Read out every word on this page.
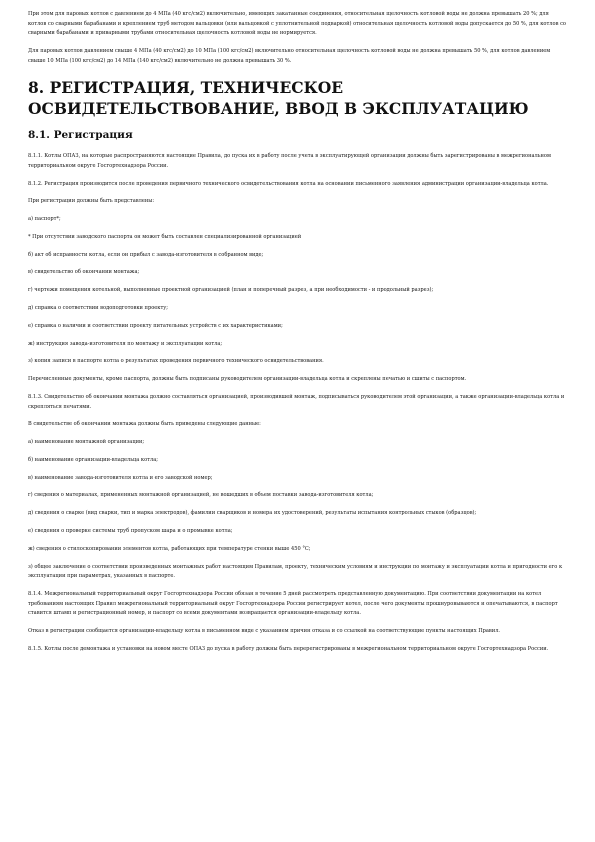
При этом для паровых котлов с давлением до 4 МПа (40 кгс/см2) включительно, имеющих закатанные соединения, относительная щелочность котловой воды не должна превышать 20 %; для котлов со сварными барабанами и креплением труб методом вальцовки (или вальцовкой с уплотнительной подваркой) относительная щелочность котловой воды допускается до 50 %, для котлов со сварными барабанами и приварными трубами относительная щелочность котловой воды не нормируется.

Для паровых котлов давлением свыше 4 МПа (40 кгс/см2) до 10 МПа (100 кгс/см2) включительно относительная щелочность котловой воды не должна превышать 50 %, для котлов давлением свыше 10 МПа (100 кгс/см2) до 14 МПа (140 кгс/см2) включительно не должна превышать 30 %.

8. РЕГИСТРАЦИЯ, ТЕХНИЧЕСКОЕ ОСВИДЕТЕЛЬСТВОВАНИЕ, ВВОД В ЭКСПЛУАТАЦИЮ
8.1. Регистрация

8.1.1. Котлы ОПАЗ, на которые распространяются настоящие Правила, до пуска их в работу после учета в эксплуатирующей организации должны быть зарегистрированы в межрегиональном территориальном округе Госгортехнадзора России.

8.1.2. Регистрация производится после проведения первичного технического освидетельствования котла на основании письменного заявления администрации организации-владельца котла.

При регистрации должны быть представлены:

а) паспорт*;

* При отсутствии заводского паспорта он может быть составлен специализированной организацией

б) акт об исправности котла, если он прибыл с завода-изготовителя в собранном виде;

в) свидетельство об окончании монтажа;

г) чертежи помещения котельной, выполненные проектной организацией (план и поперечный разрез, а при необходимости - и продольный разрез);

д) справка о соответствии водоподготовки проекту;

е) справка о наличии и соответствии проекту питательных устройств с их характеристиками;

ж) инструкция завода-изготовителя по монтажу и эксплуатации котла;

з) копия записи в паспорте котла о результатах проведения первичного технического освидетельствования.

Перечисленные документы, кроме паспорта, должны быть подписаны руководителем организации-владельца котла и скреплены печатью и сшиты с паспортом.

8.1.3. Свидетельство об окончании монтажа должно составляться организацией, производившей монтаж, подписываться руководителем этой организации, а также организации-владельца котла и скрепляться печатями.

В свидетельстве об окончании монтажа должны быть приведены следующие данные:

а) наименование монтажной организации;

б) наименование организации-владельца котла;

в) наименование завода-изготовителя котла и его заводской номер;

г) сведения о материалах, примененных монтажной организацией, не вошедших в объем поставки завода-изготовителя котла;

д) сведения о сварке (вид сварки, тип и марка электродов), фамилии сварщиков и номера их удостоверений, результаты испытания контрольных стыков (образцов);

е) сведения о проверке системы труб пропуском шара и о промывке котла;

ж) сведения о стилоскопировании элементов котла, работающих при температуре стенки выше 450 °С;

з) общее заключение о соответствии произведенных монтажных работ настоящим Правилам, проекту, техническим условиям и инструкции по монтажу и эксплуатации котла и пригодности его к эксплуатации при параметрах, указанных в паспорте.

8.1.4. Межрегиональный территориальный округ Госгортехнадзора России обязан в течение 5 дней рассмотреть представленную документацию. При соответствии документации на котел требованиям настоящих Правил межрегиональный территориальный округ Госгортехнадзора России регистрирует котел, после чего документы прошнуровываются и опечатываются, в паспорт ставится штамп и регистрационный номер, и паспорт со всеми документами возвращается организации-владельцу котла.

Отказ в регистрации сообщается организации-владельцу котла в письменном виде с указанием причин отказа и со ссылкой на соответствующие пункты настоящих Правил.

8.1.5. Котлы после демонтажа и установки на новом месте ОПАЗ до пуска в работу должны быть перерегистрированы в межрегиональном территориальном округе Госгортехнадзора России.
